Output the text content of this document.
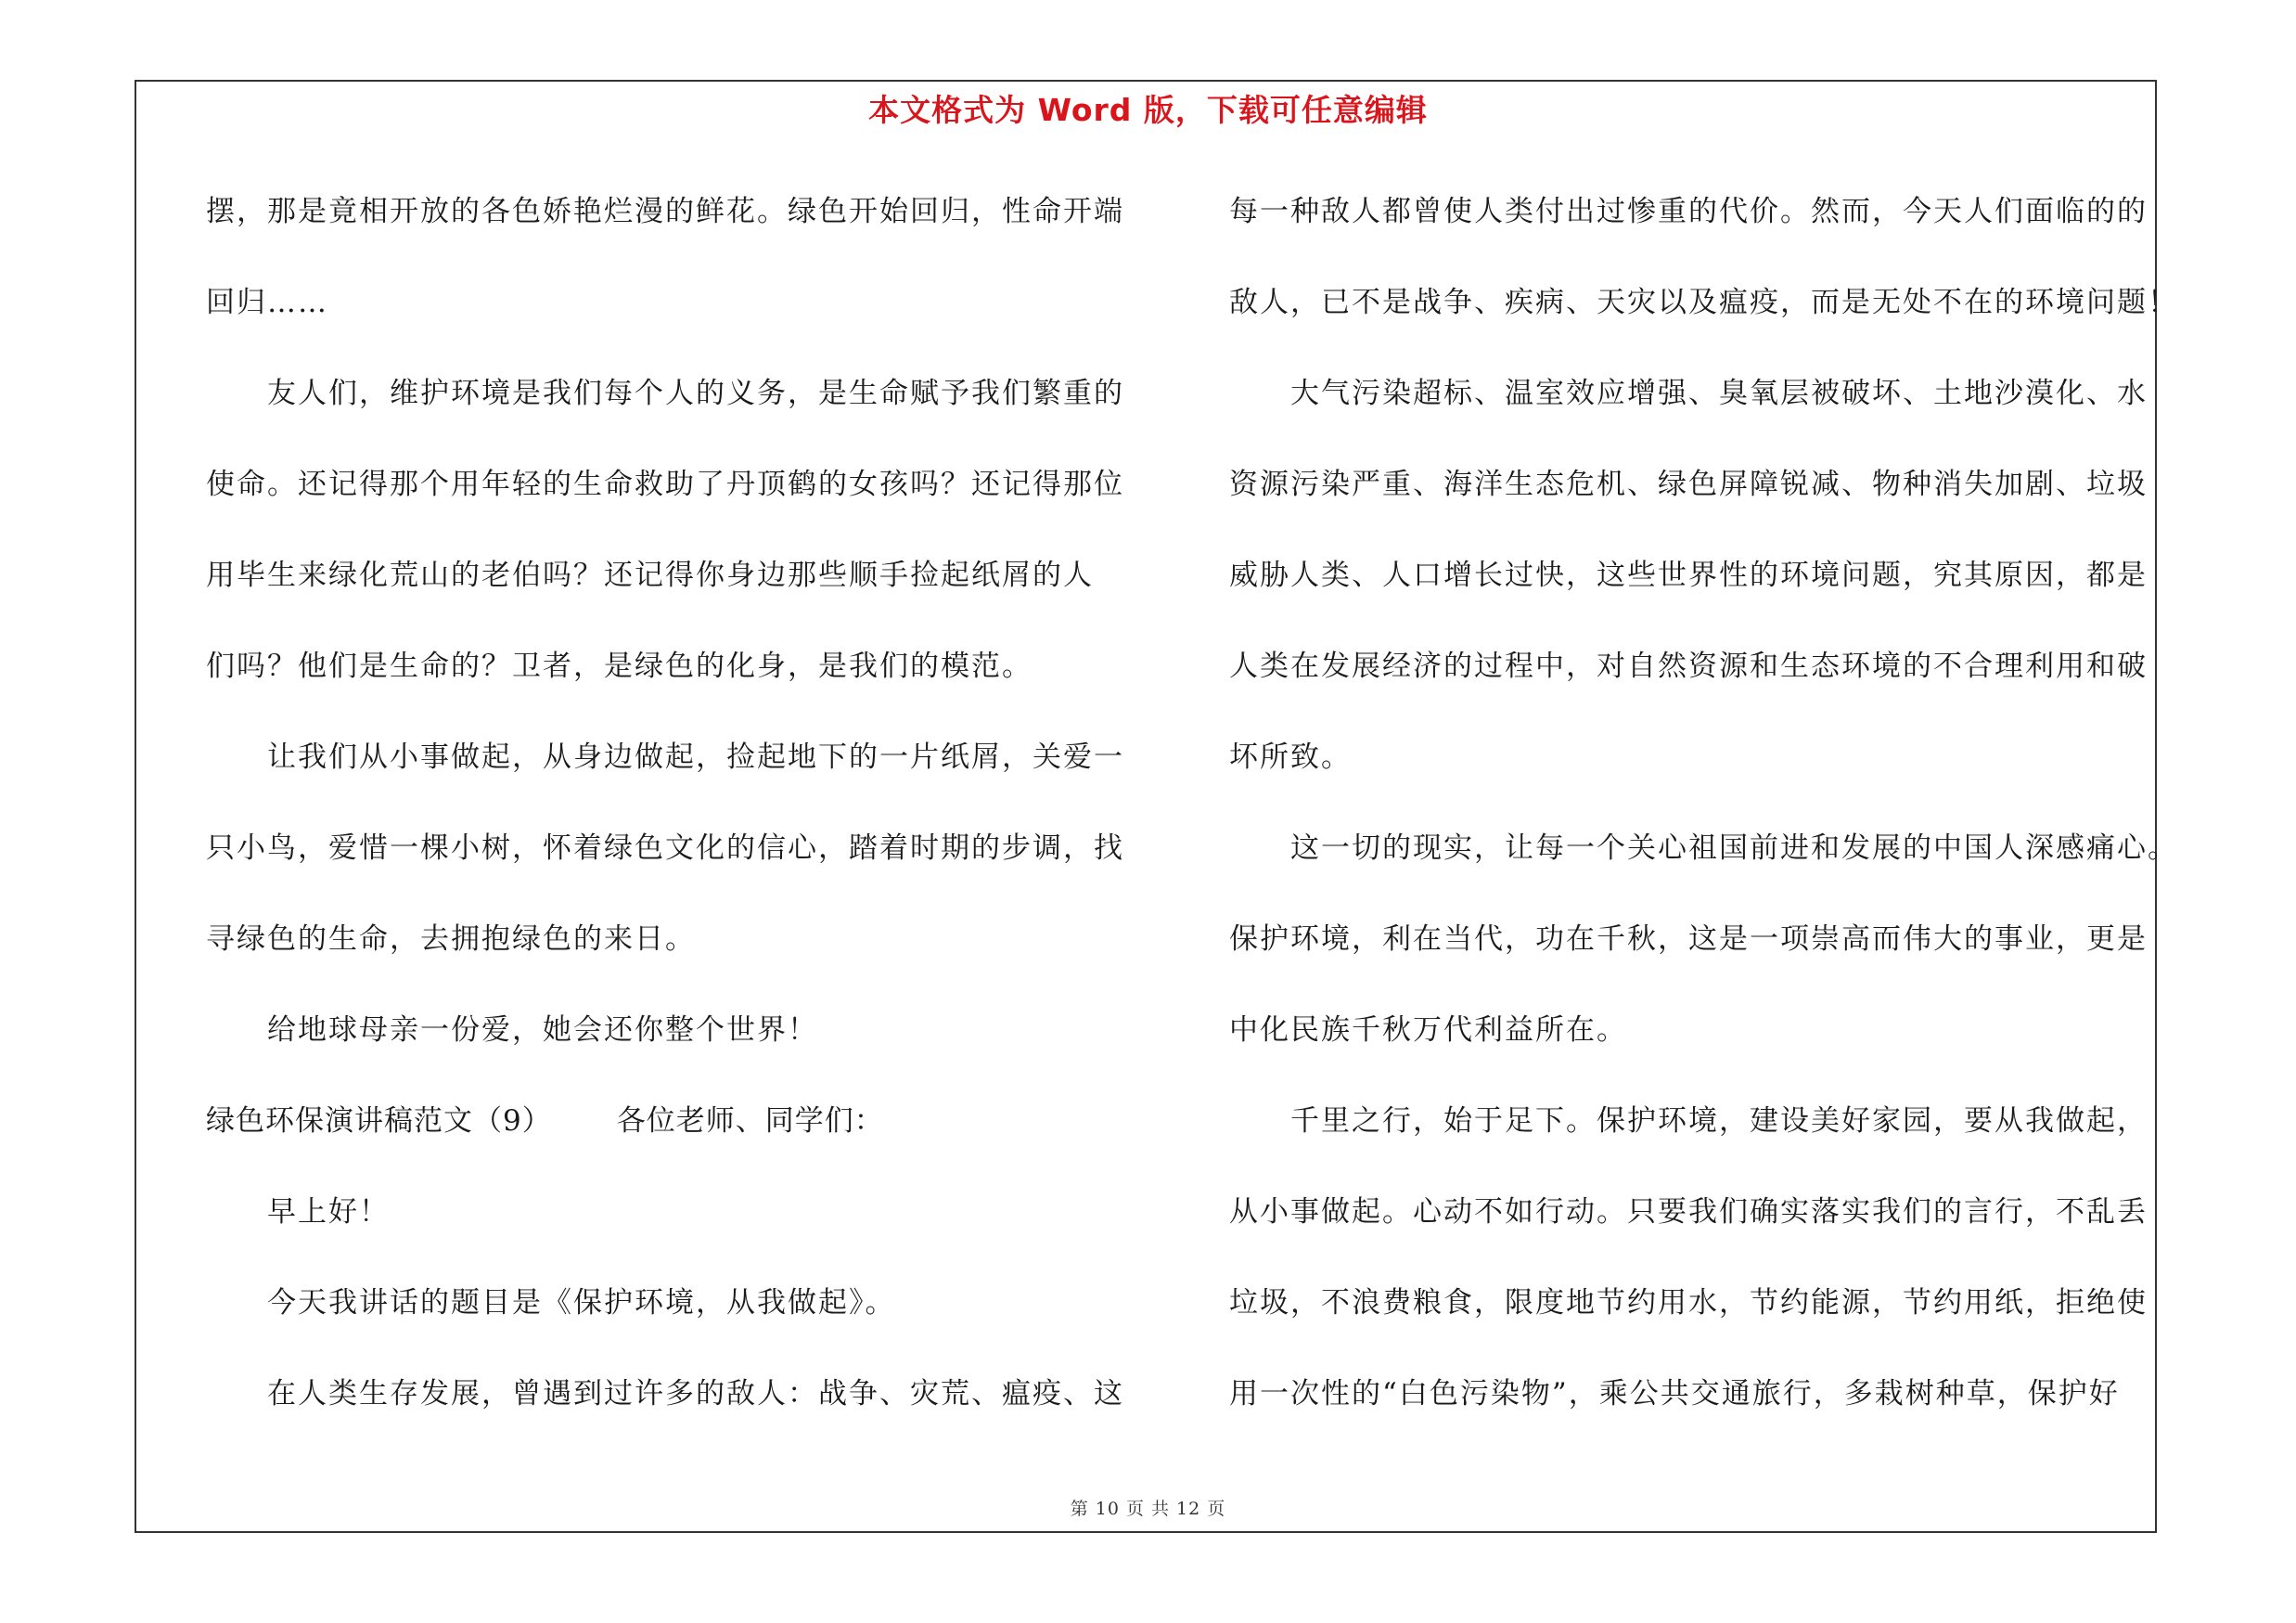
本文格式为 Word 版，下载可任意编辑
摆，那是竟相开放的各色娇艳烂漫的鲜花。绿色开始回归，性命开端
回归……
友人们，维护环境是我们每个人的义务，是生命赋予我们繁重的
使命。还记得那个用年轻的生命救助了丹顶鹤的女孩吗？还记得那位
用毕生来绿化荒山的老伯吗？还记得你身边那些顺手捡起纸屑的人
们吗？他们是生命的？卫者，是绿色的化身，是我们的模范。
让我们从小事做起，从身边做起，捡起地下的一片纸屑，关爱一
只小鸟，爱惜一棵小树，怀着绿色文化的信心，踏着时期的步调，找
寻绿色的生命，去拥抱绿色的来日。
给地球母亲一份爱，她会还你整个世界！
绿色环保演讲稿范文（9） 各位老师、同学们：
早上好！
今天我讲话的题目是《保护环境，从我做起》。
在人类生存发展，曾遇到过许多的敌人：战争、灾荒、瘟疫、这
每一种敌人都曾使人类付出过惨重的代价。然而，今天人们面临的的
敌人，已不是战争、疾病、天灾以及瘟疫，而是无处不在的环境问题！
大气污染超标、温室效应增强、臭氧层被破坏、土地沙漠化、水
资源污染严重、海洋生态危机、绿色屏障锐减、物种消失加剧、垃圾
威胁人类、人口增长过快，这些世界性的环境问题，究其原因，都是
人类在发展经济的过程中，对自然资源和生态环境的不合理利用和破
坏所致。
这一切的现实，让每一个关心祖国前进和发展的中国人深感痛心。
保护环境，利在当代，功在千秋，这是一项崇高而伟大的事业，更是
中化民族千秋万代利益所在。
千里之行，始于足下。保护环境，建设美好家园，要从我做起，
从小事做起。心动不如行动。只要我们确实落实我们的言行，不乱丢
垃圾，不浪费粮食，限度地节约用水，节约能源，节约用纸，拒绝使
用一次性的“白色污染物”，乘公共交通旅行，多栽树种草，保护好
第 10 页 共 12 页
